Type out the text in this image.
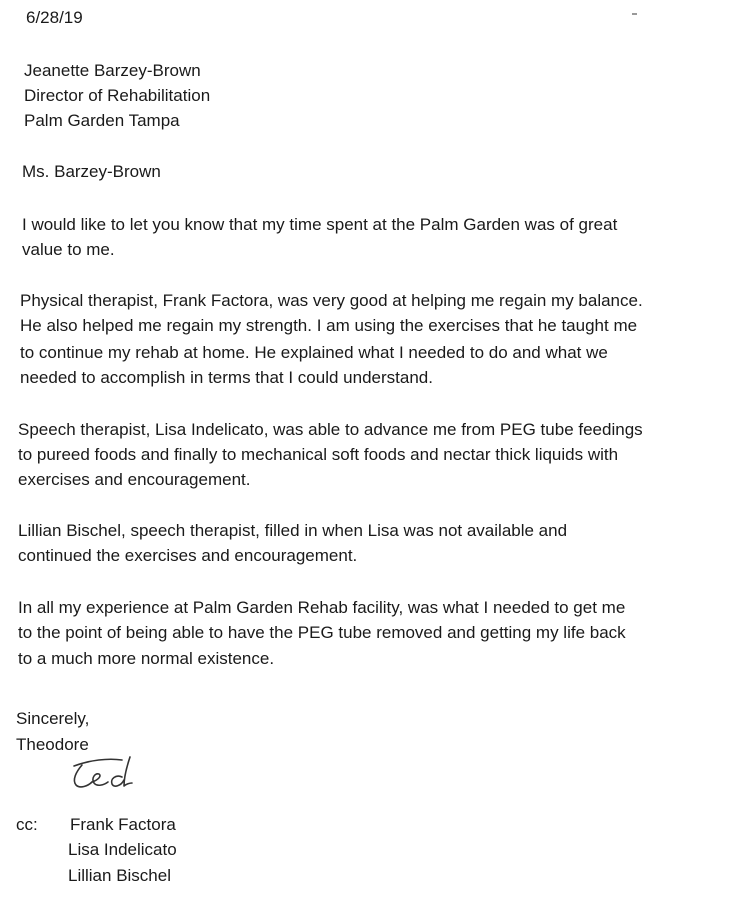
6/28/19
Jeanette Barzey-Brown
Director of Rehabilitation
Palm Garden Tampa
Ms. Barzey-Brown
I would like to let you know that my time spent at the Palm Garden was of great
value to me.
Physical therapist, Frank Factora, was very good at helping me regain my balance.
He also helped me regain my strength. I am using the exercises that he taught me
to continue my rehab at home. He explained what I needed to do and what we
needed to accomplish in terms that I could understand.
Speech therapist, Lisa Indelicato, was able to advance me from PEG tube feedings
to pureed foods and finally to mechanical soft foods and nectar thick liquids with
exercises and encouragement.
Lillian Bischel, speech therapist, filled in when Lisa was not available and
continued the exercises and encouragement.
In all my experience at Palm Garden Rehab facility, was what I needed to get me
to the point of being able to have the PEG tube removed and getting my life back
to a much more normal existence.
Sincerely,
Theodore
cc: Frank Factora
Lisa Indelicato
Lillian Bischel
